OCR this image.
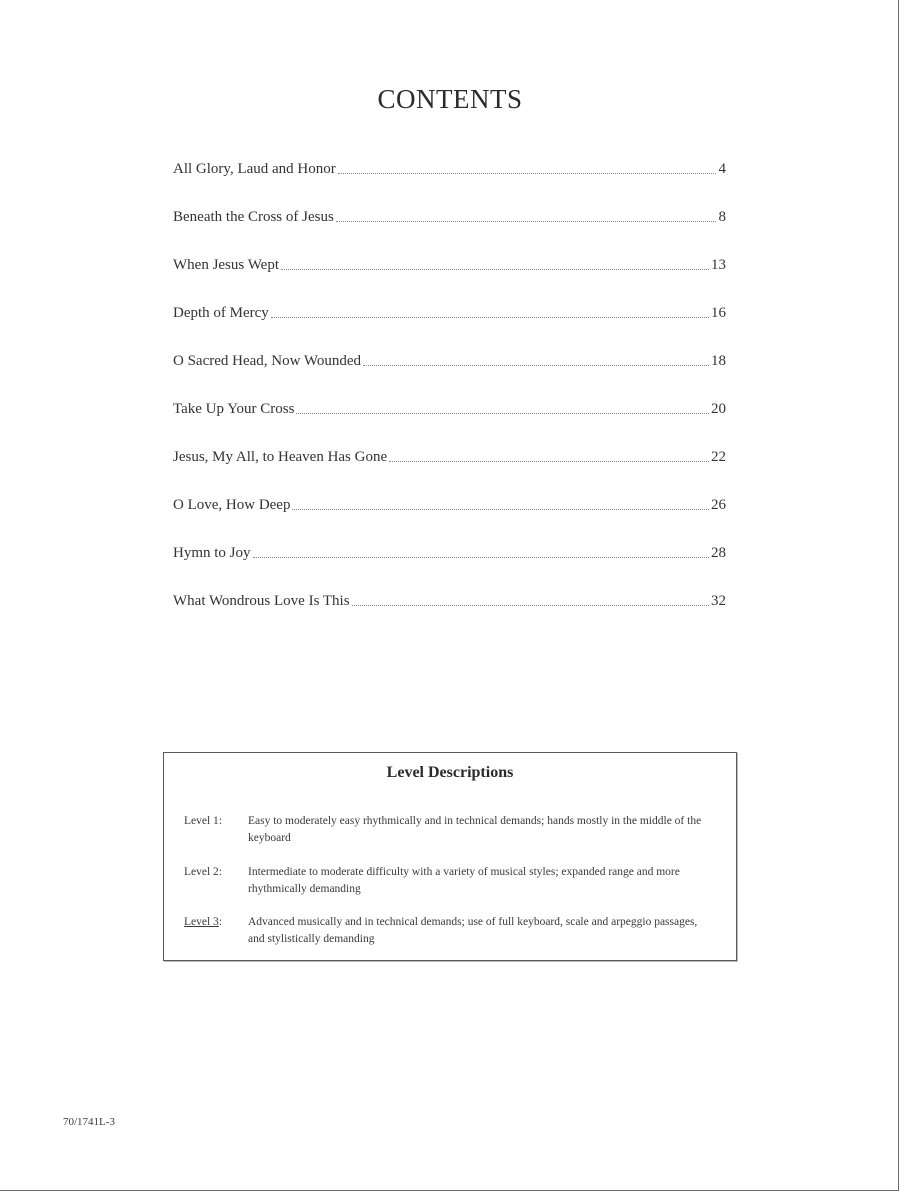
CONTENTS
All Glory, Laud and Honor	4
Beneath the Cross of Jesus	8
When Jesus Wept	13
Depth of Mercy	16
O Sacred Head, Now Wounded	18
Take Up Your Cross	20
Jesus, My All, to Heaven Has Gone	22
O Love, How Deep	26
Hymn to Joy	28
What Wondrous Love Is This	32
Level Descriptions
Level 1:	Easy to moderately easy rhythmically and in technical demands; hands mostly in the middle of the keyboard
Level 2:	Intermediate to moderate difficulty with a variety of musical styles; expanded range and more rhythmically demanding
Level 3:	Advanced musically and in technical demands; use of full keyboard, scale and arpeggio passages, and stylistically demanding
70/1741L-3
